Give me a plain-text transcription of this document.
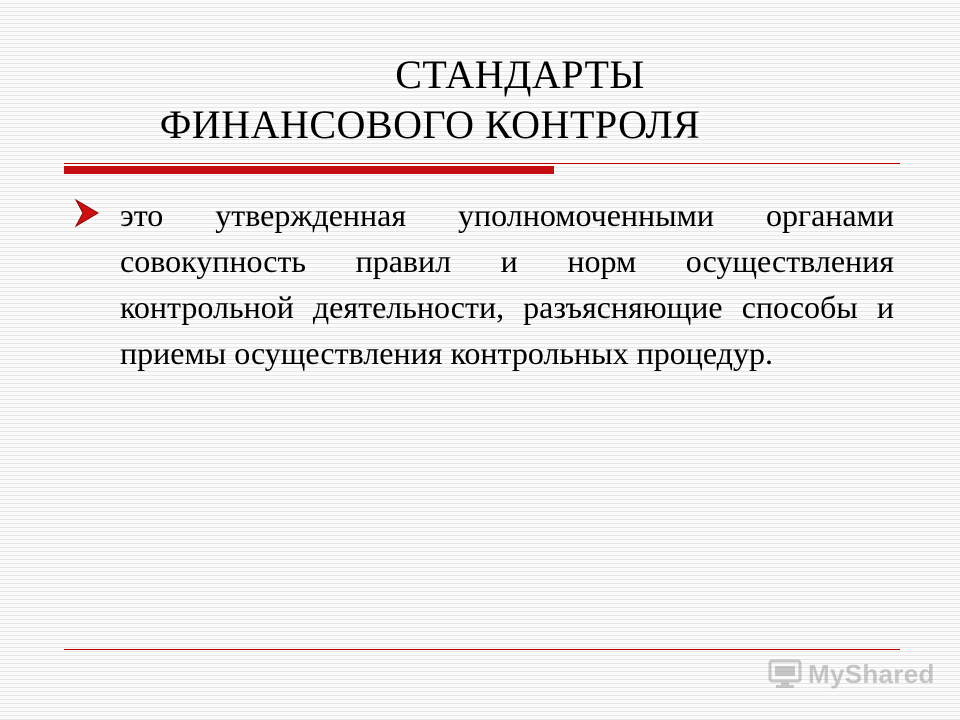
СТАНДАРТЫ
ФИНАНСОВОГО КОНТРОЛЯ
это утвержденная уполномоченными органами совокупность правил и норм осуществления контрольной деятельности, разъясняющие способы и приемы осуществления контрольных процедур.
MyShared
